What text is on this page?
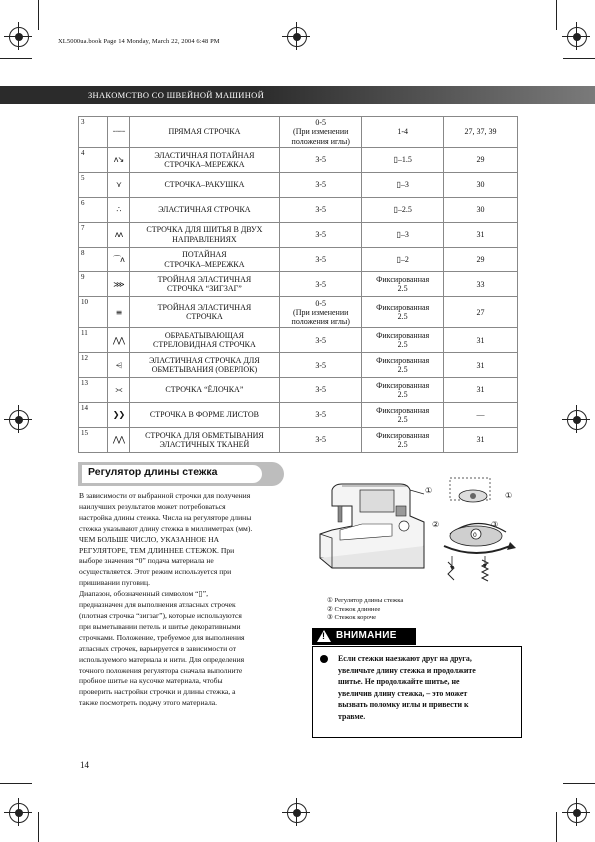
XL5000ua.book Page 14 Monday, March 22, 2004 6:48 PM
ЗНАКОМСТВО СО ШВЕЙНОЙ МАШИНОЙ
3	┈┈┈	ПРЯМАЯ СТРОЧКА	0-5
(При изменении
положения иглы)	1-4	27, 37, 39
4	ʌ↘	ЭЛАСТИЧНАЯ ПОТАЙНАЯ
СТРОЧКА–МЕРЕЖКА	3-5	▯–1.5	29
5	⋎	СТРОЧКА–РАКУШКА	3-5	▯–3	30
6	∴	ЭЛАСТИЧНАЯ СТРОЧКА	3-5	▯–2.5	30
7	ʌʌ	СТРОЧКА ДЛЯ ШИТЬЯ В ДВУХ
НАПРАВЛЕНИЯХ	3-5	▯–3	31
8	⌒ʌ	ПОТАЙНАЯ
СТРОЧКА–МЕРЕЖКА	3-5	▯–2	29
9	⋙	ТРОЙНАЯ ЭЛАСТИЧНАЯ
СТРОЧКА “ЗИГЗАГ”	3-5	Фиксированная
2.5	33
10	≡	ТРОЙНАЯ ЭЛАСТИЧНАЯ
СТРОЧКА	0-5
(При изменении
положения иглы)	Фиксированная
2.5	27
11	⋀⋀	ОБРАБАТЫВАЮЩАЯ
СТРЕЛОВИДНАЯ СТРОЧКА	3-5	Фиксированная
2.5	31
12	⩤	ЭЛАСТИЧНАЯ СТРОЧКА ДЛЯ
ОБМЕТЫВАНИЯ (ОВЕРЛОК)	3-5	Фиксированная
2.5	31
13	⪥	СТРОЧКА “ЁЛОЧКА”	3-5	Фиксированная
2.5	31
14	❯❯	СТРОЧКА В ФОРМЕ ЛИСТОВ	3-5	Фиксированная
2.5	—
15	⋀⋀	СТРОЧКА ДЛЯ ОБМЕТЫВАНИЯ
ЭЛАСТИЧНЫХ ТКАНЕЙ	3-5	Фиксированная
2.5	31
Регулятор длины стежка
В зависимости от выбранной строчки для получения
наилучших результатов может потребоваться
настройка длины стежка. Числа на регуляторе длины
стежка указывают длину стежка в миллиметрах (мм).
ЧЕМ БОЛЬШЕ ЧИСЛО, УКАЗАННОЕ НА
РЕГУЛЯТОРЕ, ТЕМ ДЛИННЕЕ СТЕЖОК. При
выборе значения “0” подача материала не
осуществляется. Этот режим используется при
пришивании пуговиц.
Диапазон, обозначенный символом “▯”,
предназначен для выполнения атласных строчек
(плотная строчка “зигзаг”), которые используются
при выметывании петель и шитье декоративными
строчками. Положение, требуемое для выполнения
атласных строчек, варьируется в зависимости от
используемого материала и нити. Для определения
точного положения регулятора сначала выполните
пробное шитье на кусочке материала, чтобы
проверить настройки строчки и длины стежка, а
также посмотреть подачу этого материала.
①
②	③
①
0
① Регулятор длины стежка
② Стежок длиннее
③ Стежок короче
! ВНИМАНИЕ
Если стежки наезжают друг на друга,
увеличьте длину стежка и продолжите
шитье. Не продолжайте шитье, не
увеличив длину стежка, – это может
вызвать поломку иглы и привести к
травме.
14
